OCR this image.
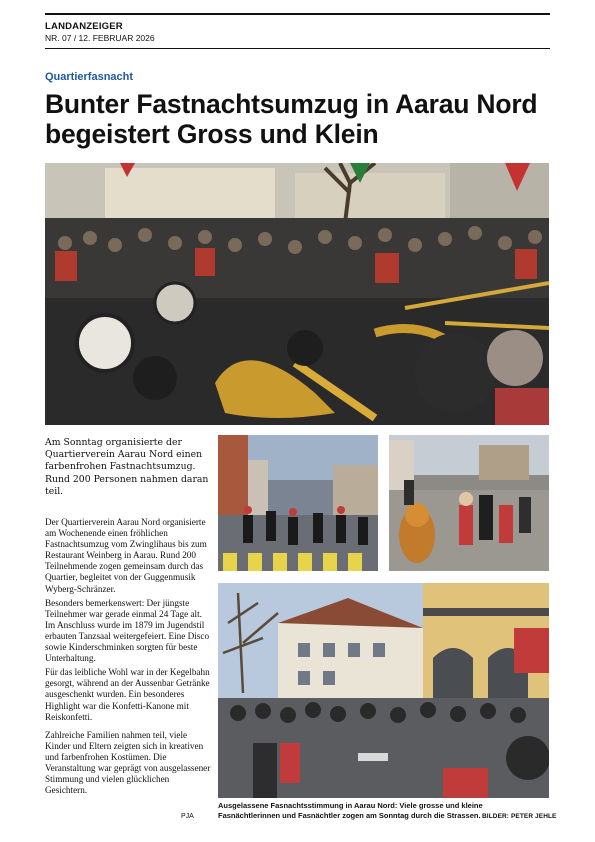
LANDANZEIGER
NR. 07 / 12. FEBRUAR 2026
Quartierfasnacht
Bunter Fastnachtsumzug in Aarau Nord begeistert Gross und Klein
Am Sonntag organisierte der Quartierverein Aarau Nord einen farbenfrohen Fastnachtsumzug. Rund 200 Personen nahmen daran teil.

Der Quartierverein Aarau Nord organisierte am Wochenende einen fröhlichen Fastnachtsumzug vom Zwinglihaus bis zum Restaurant Weinberg in Aarau. Rund 200 Teilnehmende zogen gemeinsam durch das Quartier, begleitet von der Guggenmusik Wyberg-Schränzer.

Besonders bemerkenswert: Der jüngste Teilnehmer war gerade einmal 24 Tage alt. Im Anschluss wurde im 1879 im Jugendstil erbauten Tanzsaal weitergefeiert. Eine Disco sowie Kinderschminken sorgten für beste Unterhaltung.

Für das leibliche Wohl war in der Kegelbahn gesorgt, während an der Aussenbar Getränke ausgeschenkt wurden. Ein besonderes Highlight war die Konfetti-Kanone mit Reiskonfetti.

Zahlreiche Familien nahmen teil, viele Kinder und Eltern zeigten sich in kreativen und farbenfrohen Kostümen. Die Veranstaltung war geprägt von ausgelassener Stimmung und vielen glücklichen Gesichtern.

PJA
Ausgelassene Fasnachtsstimmung in Aarau Nord: Viele grosse und kleine Fasnächtlerinnen und Fasnächtler zogen am Sonntag durch die Strassen. BILDER: PETER JEHLE
